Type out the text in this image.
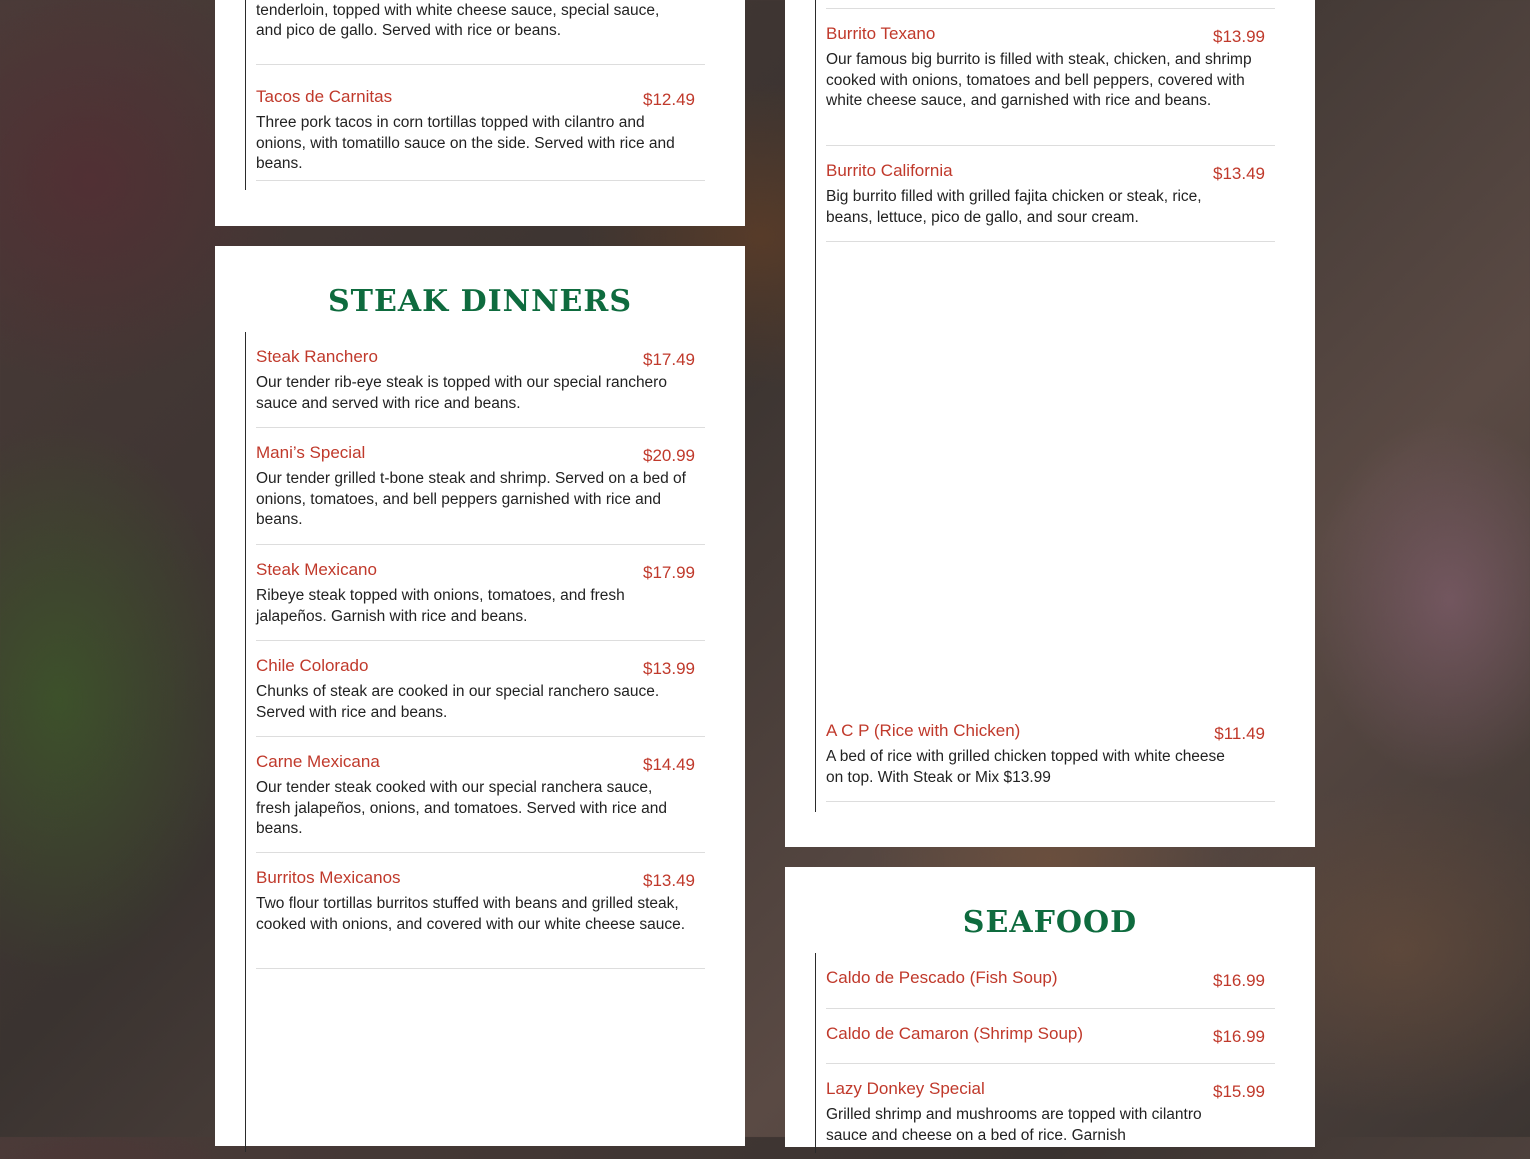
tenderloin, topped with white cheese sauce, special sauce, and pico de gallo. Served with rice or beans.
Tacos de Carnitas	$12.49
Three pork tacos in corn tortillas topped with cilantro and onions, with tomatillo sauce on the side. Served with rice and beans.
STEAK DINNERS
Steak Ranchero	$17.49
Our tender rib-eye steak is topped with our special ranchero sauce and served with rice and beans.
Mani’s Special	$20.99
Our tender grilled t-bone steak and shrimp. Served on a bed of onions, tomatoes, and bell peppers garnished with rice and beans.
Steak Mexicano	$17.99
Ribeye steak topped with onions, tomatoes, and fresh jalapeños. Garnish with rice and beans.
Chile Colorado	$13.99
Chunks of steak are cooked in our special ranchero sauce. Served with rice and beans.
Carne Mexicana	$14.49
Our tender steak cooked with our special ranchera sauce, fresh jalapeños, onions, and tomatoes. Served with rice and beans.
Burritos Mexicanos	$13.49
Two flour tortillas burritos stuffed with beans and grilled steak, cooked with onions, and covered with our white cheese sauce.
Burrito Texano	$13.99
Our famous big burrito is filled with steak, chicken, and shrimp cooked with onions, tomatoes and bell peppers, covered with white cheese sauce, and garnished with rice and beans.
Burrito California	$13.49
Big burrito filled with grilled fajita chicken or steak, rice, beans, lettuce, pico de gallo, and sour cream.
A C P (Rice with Chicken)	$11.49
A bed of rice with grilled chicken topped with white cheese on top. With Steak or Mix $13.99
SEAFOOD
Caldo de Pescado (Fish Soup)	$16.99
Caldo de Camaron (Shrimp Soup)	$16.99
Lazy Donkey Special	$15.99
Grilled shrimp and mushrooms are topped with cilantro sauce and cheese on a bed of rice. Garnish
